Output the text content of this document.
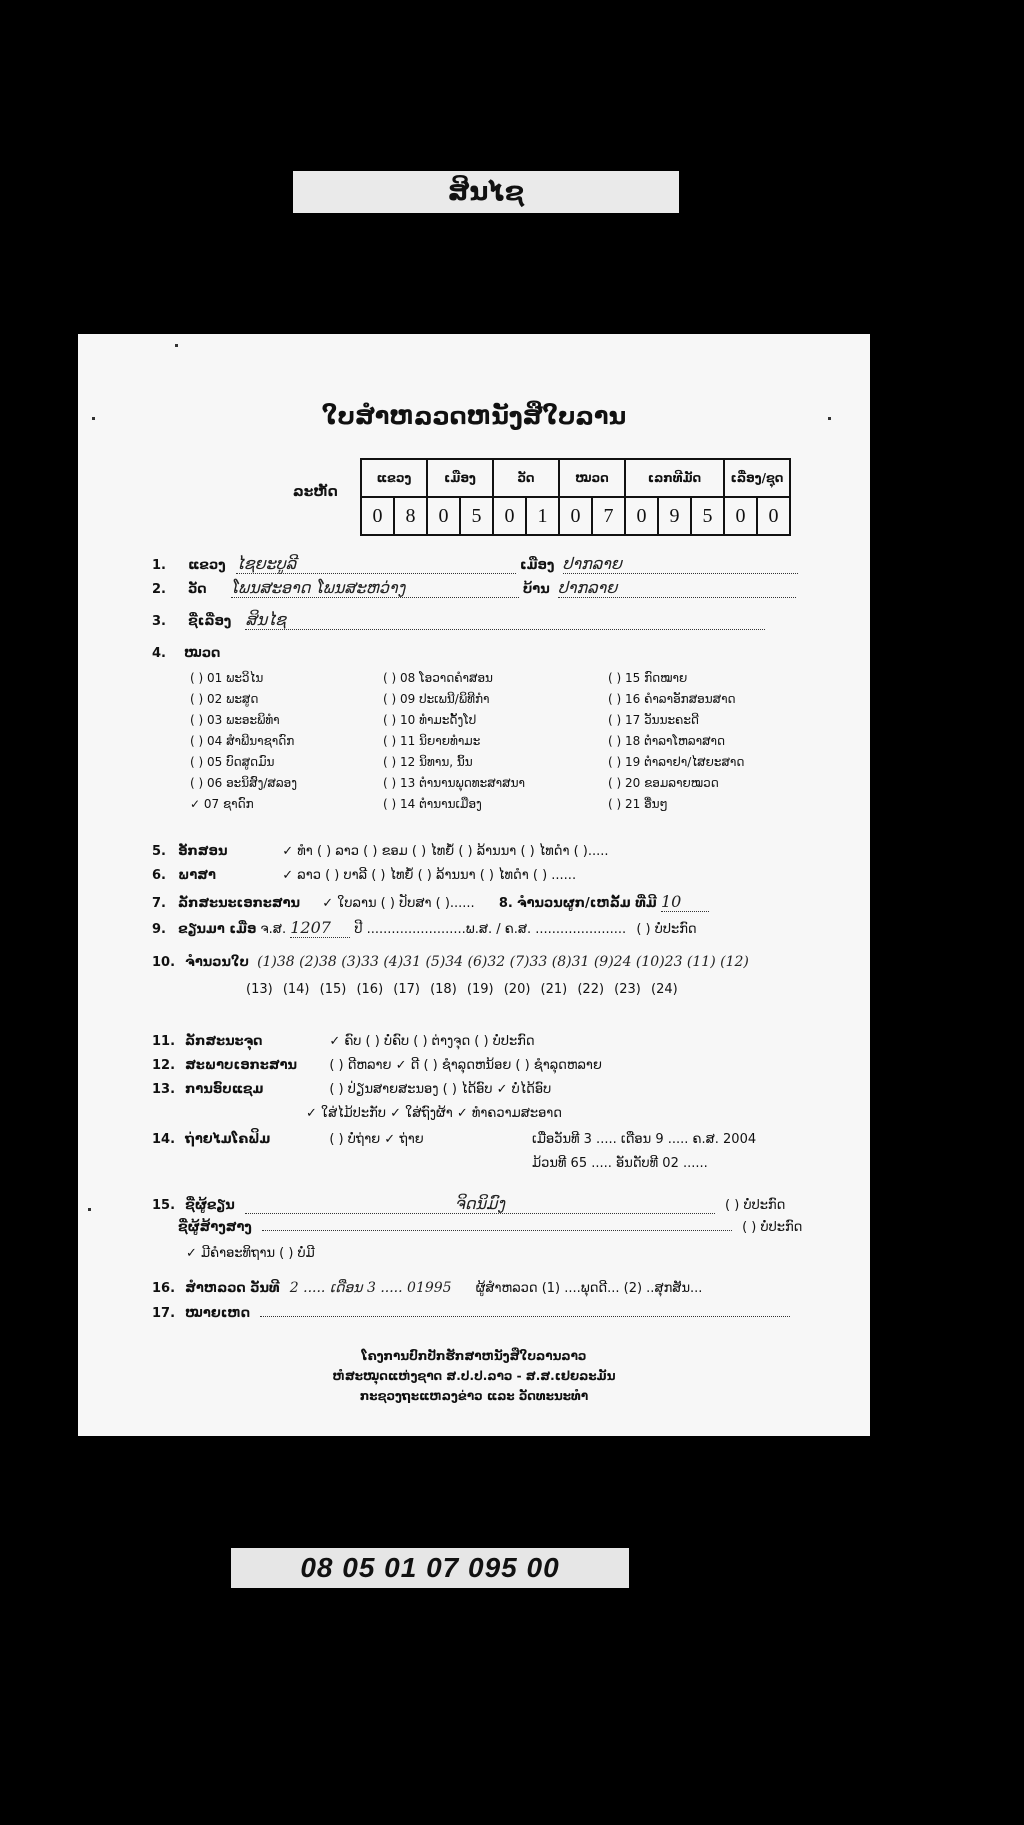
ສິນໄຊ
ໃບສຳຫລວດຫນັງສືໃບລານ
ລະຫັດ
ແຂວງ		ເມືອງ		ວັດ		ໝວດ		ເລກທີມັດ			ເລື່ອງ/ຊຸດ	
0	8	0	5	0	1	0	7	0	9	5	0	0
1. ແຂວງ ໄຊຍະບູລີ	ເມືອງ ປາກລາຍ
2. ວັດ ໂພນສະອາດ ໂພນສະຫວ່າງ	ບ້ານ ປາກລາຍ
3. ຊື່ເລື່ອງ ສິນໄຊ
4. ໝວດ
( ) 01 ພະວິໄນ
( ) 02 ພະສູດ
( ) 03 ພະອະພິທຳ
( ) 04 ສຳພີນາຊາດົກ
( ) 05 ບົດສູດມົນ
( ) 06 ອະນິສົງ/ສລອງ
✓ 07 ຊາດົກ
( ) 08 ໂອວາດຄຳສອນ
( ) 09 ປະເພນີ/ພິທີກຳ
( ) 10 ທຳມະດັ້ງໂປ
( ) 11 ນິຍາຍທຳມະ
( ) 12 ນິທານ, ນິ້ນ
( ) 13 ຕຳນານພຸດທະສາສນາ
( ) 14 ຕຳນານເມືອງ
( ) 15 ກົດໝາຍ
( ) 16 ຄຳລາອັກສອນສາດ
( ) 17 ວັນນະຄະດີ
( ) 18 ຕຳລາໂຫລາສາດ
( ) 19 ຕຳລາຢາ/ໄສຍະສາດ
( ) 20 ຂອມລາຍໝວດ
( ) 21 ອື່ນໆ
5. ອັກສອນ	✓ ທຳ ( ) ລາວ ( ) ຂອມ ( ) ໄທຍໍ້ ( ) ລ້ານນາ ( ) ໄທດຳ ( ).....
6. ພາສາ	✓ ລາວ ( ) ບາລີ ( ) ໄທຍໍ້ ( ) ລ້ານນາ ( ) ໄທດຳ ( ) ......
7. ລັກສະນະເອກະສານ ✓ ໃບລານ ( ) ປັບສາ ( )...... 8. ຈຳນວນຜູກ/ເຫລັ້ມ ທີ່ມີ 10
9. ຂຽນມາ ເມື່ອ ຈ.ສ. 1207 ປີ ........................ພ.ສ. / ຄ.ສ. ...................... ( ) ບໍ່ປະກົດ
10. ຈຳນວນໃບ (1)38 (2)38 (3)33 (4)31 (5)34 (6)32 (7)33 (8)31 (9)24 (10)23 (11) (12)
(13) (14) (15) (16) (17) (18) (19) (20) (21) (22) (23) (24)
11. ລັກສະນະຈຸດ	✓ ຄົບ ( ) ບໍ່ຄົບ ( ) ຕ່າງຈຸດ ( ) ບໍ່ປະກົດ
12. ສະພາບເອກະສານ ( ) ດີຫລາຍ ✓ ດີ ( ) ຊຳລຸດຫນ້ອຍ ( ) ຊຳລຸດຫລາຍ
13. ການອົບແຊມ	( ) ປ່ຽນສາຍສະນອງ ( ) ໄດ້ອົບ ✓ ບໍ່ໄດ້ອົບ
✓ ໃສ່ໄມ້ປະກັບ ✓ ໃສ່ຖົງຜ້າ ✓ ທຳຄວາມສະອາດ
14. ຖ່າຍໄມໂຄຟິມ	( ) ບໍ່ຖ່າຍ ✓ ຖ່າຍ	ເມື່ອວັນທີ 3 ..... ເດືອນ 9 ..... ຄ.ສ. 2004
ມ້ວນທີ 65 ..... ອັນດັບທີ 02 ......
15. ຊື່ຜູ້ຂຽນ	ຈິດນິມົງ	( ) ບໍ່ປະກົດ
ຊື່ຜູ້ສ້າງສາງ	( ) ບໍ່ປະກົດ
✓ ມີຄຳອະທິຖານ ( ) ບໍ່ມີ
16. ສຳຫລວດ ວັນທີ 2 ..... ເດືອນ 3 ..... 01995 ຜູ້ສຳຫລວດ (1) ....ພຸດດີ... (2) ..ສຸກສັນ...
17. ໝາຍເຫດ
ໂຄງການປົກປັກຮັກສາຫນັງສືໃບລານລາວ
ຫໍສະໝຸດແຫ່ງຊາດ ສ.ປ.ປ.ລາວ - ສ.ສ.ເຢຍລະມັນ
ກະຊວງຖະແຫລງຂ່າວ ແລະ ວັດທະນະທຳ
08 05 01 07 095 00
